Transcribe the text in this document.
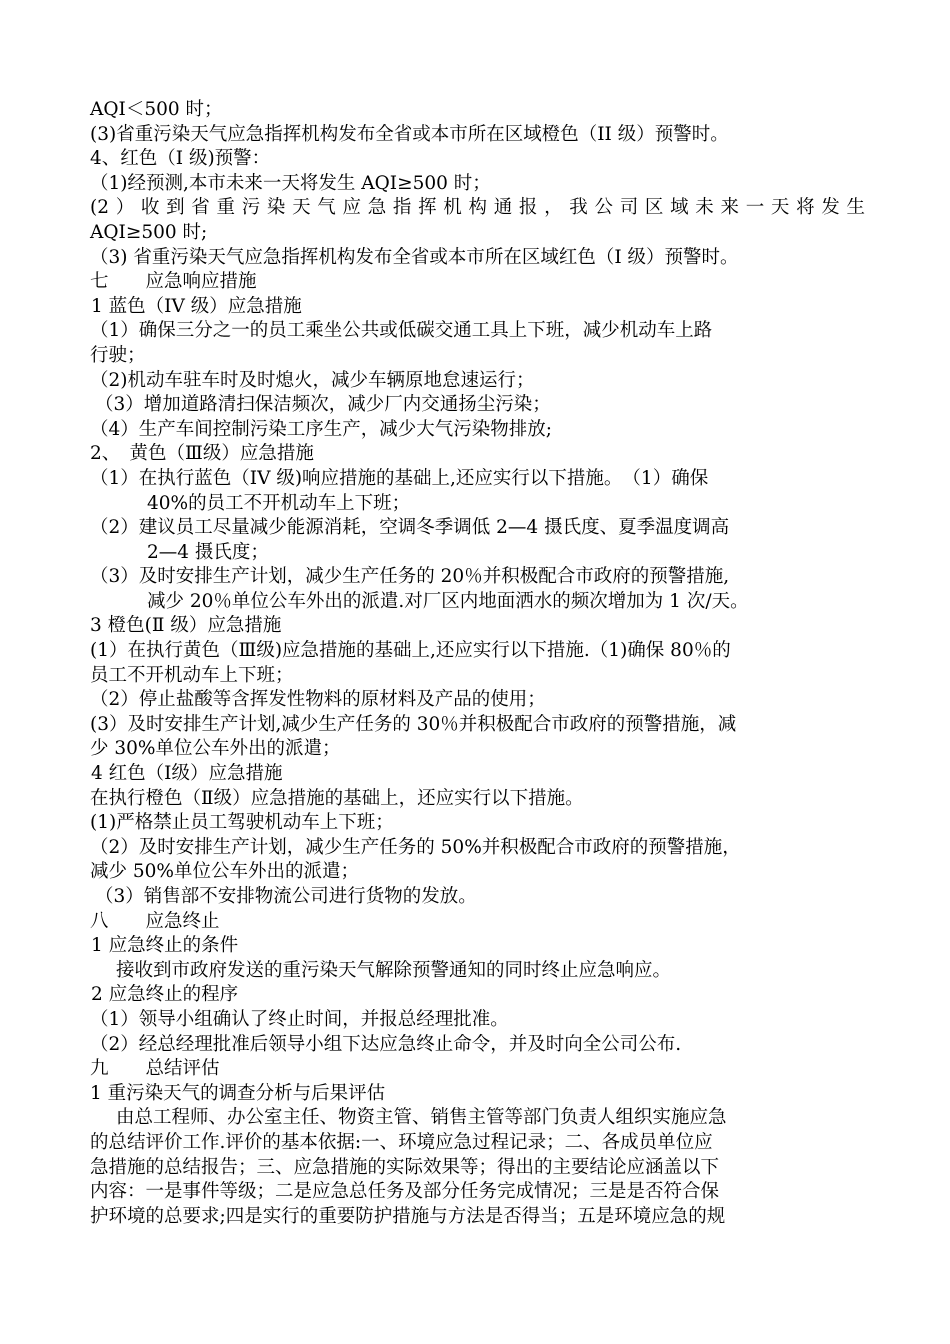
AQI＜500 时；
(3)省重污染天气应急指挥机构发布全省或本市所在区域橙色（II 级）预警时。
4、红色（I 级)预警：
（1)经预测,本市未来一天将发生 AQI≥500 时；
(2）收到省重污染天气应急指挥机构通报，我公司区域未来一天将发生
AQI≥500 时;
（3) 省重污染天气应急指挥机构发布全省或本市所在区域红色（I 级）预警时。
七　　应急响应措施
1 蓝色（IV 级）应急措施
（1）确保三分之一的员工乘坐公共或低碳交通工具上下班，减少机动车上路
行驶；
（2)机动车驻车时及时熄火，减少车辆原地怠速运行；
（3）增加道路清扫保洁频次，减少厂内交通扬尘污染；
（4）生产车间控制污染工序生产，减少大气污染物排放;
2、　黄色（Ⅲ级）应急措施
（1）在执行蓝色（IV 级)响应措施的基础上,还应实行以下措施。　（1）确保
40%的员工不开机动车上下班；
（2）建议员工尽量减少能源消耗，空调冬季调低 2—4 摄氏度、夏季温度调高
2—4 摄氏度；
（3）及时安排生产计划，减少生产任务的 20％并积极配合市政府的预警措施,
减少 20％单位公车外出的派遣.对厂区内地面洒水的频次增加为 1 次/天。
3 橙色(Ⅱ 级）应急措施
(1）在执行黄色（Ⅲ级)应急措施的基础上,还应实行以下措施.（1)确保 80％的
员工不开机动车上下班；
（2）停止盐酸等含挥发性物料的原材料及产品的使用；
(3）及时安排生产计划,减少生产任务的 30％并积极配合市政府的预警措施，减
少 30%单位公车外出的派遣；
4 红色（Ⅰ级）应急措施
在执行橙色（Ⅱ级）应急措施的基础上，还应实行以下措施。
(1)严格禁止员工驾驶机动车上下班；
（2）及时安排生产计划，减少生产任务的 50%并积极配合市政府的预警措施，
减少 50%单位公车外出的派遣；
（3）销售部不安排物流公司进行货物的发放。
八　　应急终止
1 应急终止的条件
接收到市政府发送的重污染天气解除预警通知的同时终止应急响应。
2 应急终止的程序
（1）领导小组确认了终止时间，并报总经理批准。
（2）经总经理批准后领导小组下达应急终止命令，并及时向全公司公布.
九　　总结评估
1 重污染天气的调查分析与后果评估
由总工程师、办公室主任、物资主管、销售主管等部门负责人组织实施应急
的总结评价工作.评价的基本依据:一、环境应急过程记录；二、各成员单位应
急措施的总结报告；三、应急措施的实际效果等；得出的主要结论应涵盖以下
内容：一是事件等级；二是应急总任务及部分任务完成情况；三是是否符合保
护环境的总要求;四是实行的重要防护措施与方法是否得当；五是环境应急的规
